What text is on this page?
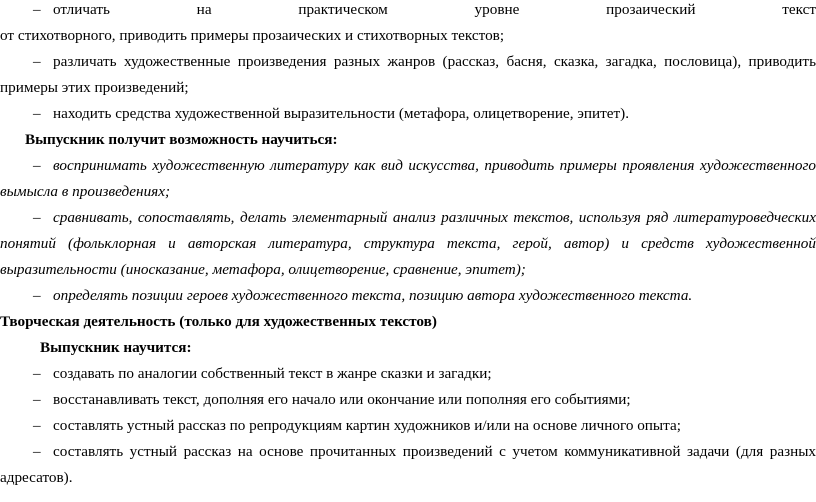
– отличать на практическом уровне прозаический текст
от стихотворного, приводить примеры прозаических и стихотворных текстов;
– различать художественные произведения разных жанров (рассказ, басня, сказка, загадка, пословица), приводить
примеры этих произведений;
– находить средства художественной выразительности (метафора, олицетворение, эпитет).
Выпускник получит возможность научиться:
– воспринимать художественную литературу как вид искусства, приводить примеры проявления художественного
вымысла в произведениях;
– сравнивать, сопоставлять, делать элементарный анализ различных текстов, используя ряд литературоведческих
понятий (фольклорная и авторская литература, структура текста, герой, автор) и средств художественной
выразительности (иносказание, метафора, олицетворение, сравнение, эпитет);
– определять позиции героев художественного текста, позицию автора художественного текста.
Творческая деятельность (только для художественных текстов)
Выпускник научится:
– создавать по аналогии собственный текст в жанре сказки и загадки;
– восстанавливать текст, дополняя его начало или окончание или пополняя его событиями;
– составлять устный рассказ по репродукциям картин художников и/или на основе личного опыта;
– составлять устный рассказ на основе прочитанных произведений с учетом коммуникативной задачи (для разных
адресатов).
